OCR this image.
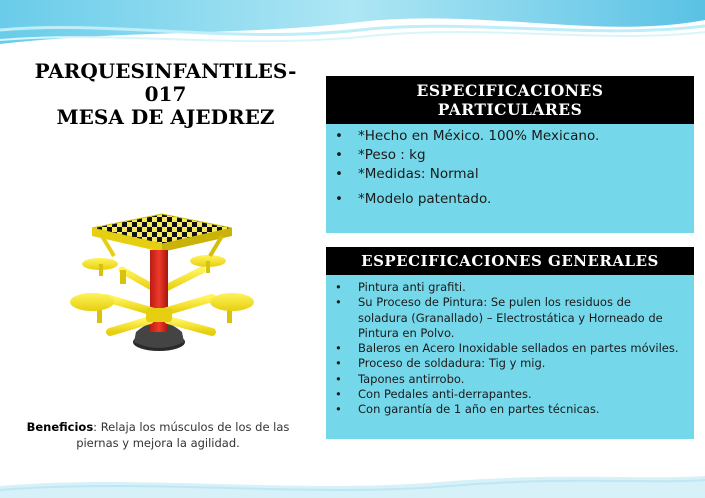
PARQUESINFANTILES-
017
MESA DE AJEDREZ
Beneficios: Relaja los músculos de los de las piernas y mejora la agilidad.
ESPECIFICACIONES
PARTICULARES
• *Hecho en México. 100% Mexicano.
• *Peso : kg
• *Medidas: Normal
• *Modelo patentado.
ESPECIFICACIONES GENERALES
• Pintura anti grafiti.
• Su Proceso de Pintura: Se pulen los residuos de soladura (Granallado) – Electrostática y Horneado de Pintura en Polvo.
• Baleros en Acero Inoxidable sellados en partes móviles.
• Proceso de soldadura: Tig y mig.
• Tapones antirrobo.
• Con Pedales anti-derrapantes.
• Con garantía de 1 año en partes técnicas.
